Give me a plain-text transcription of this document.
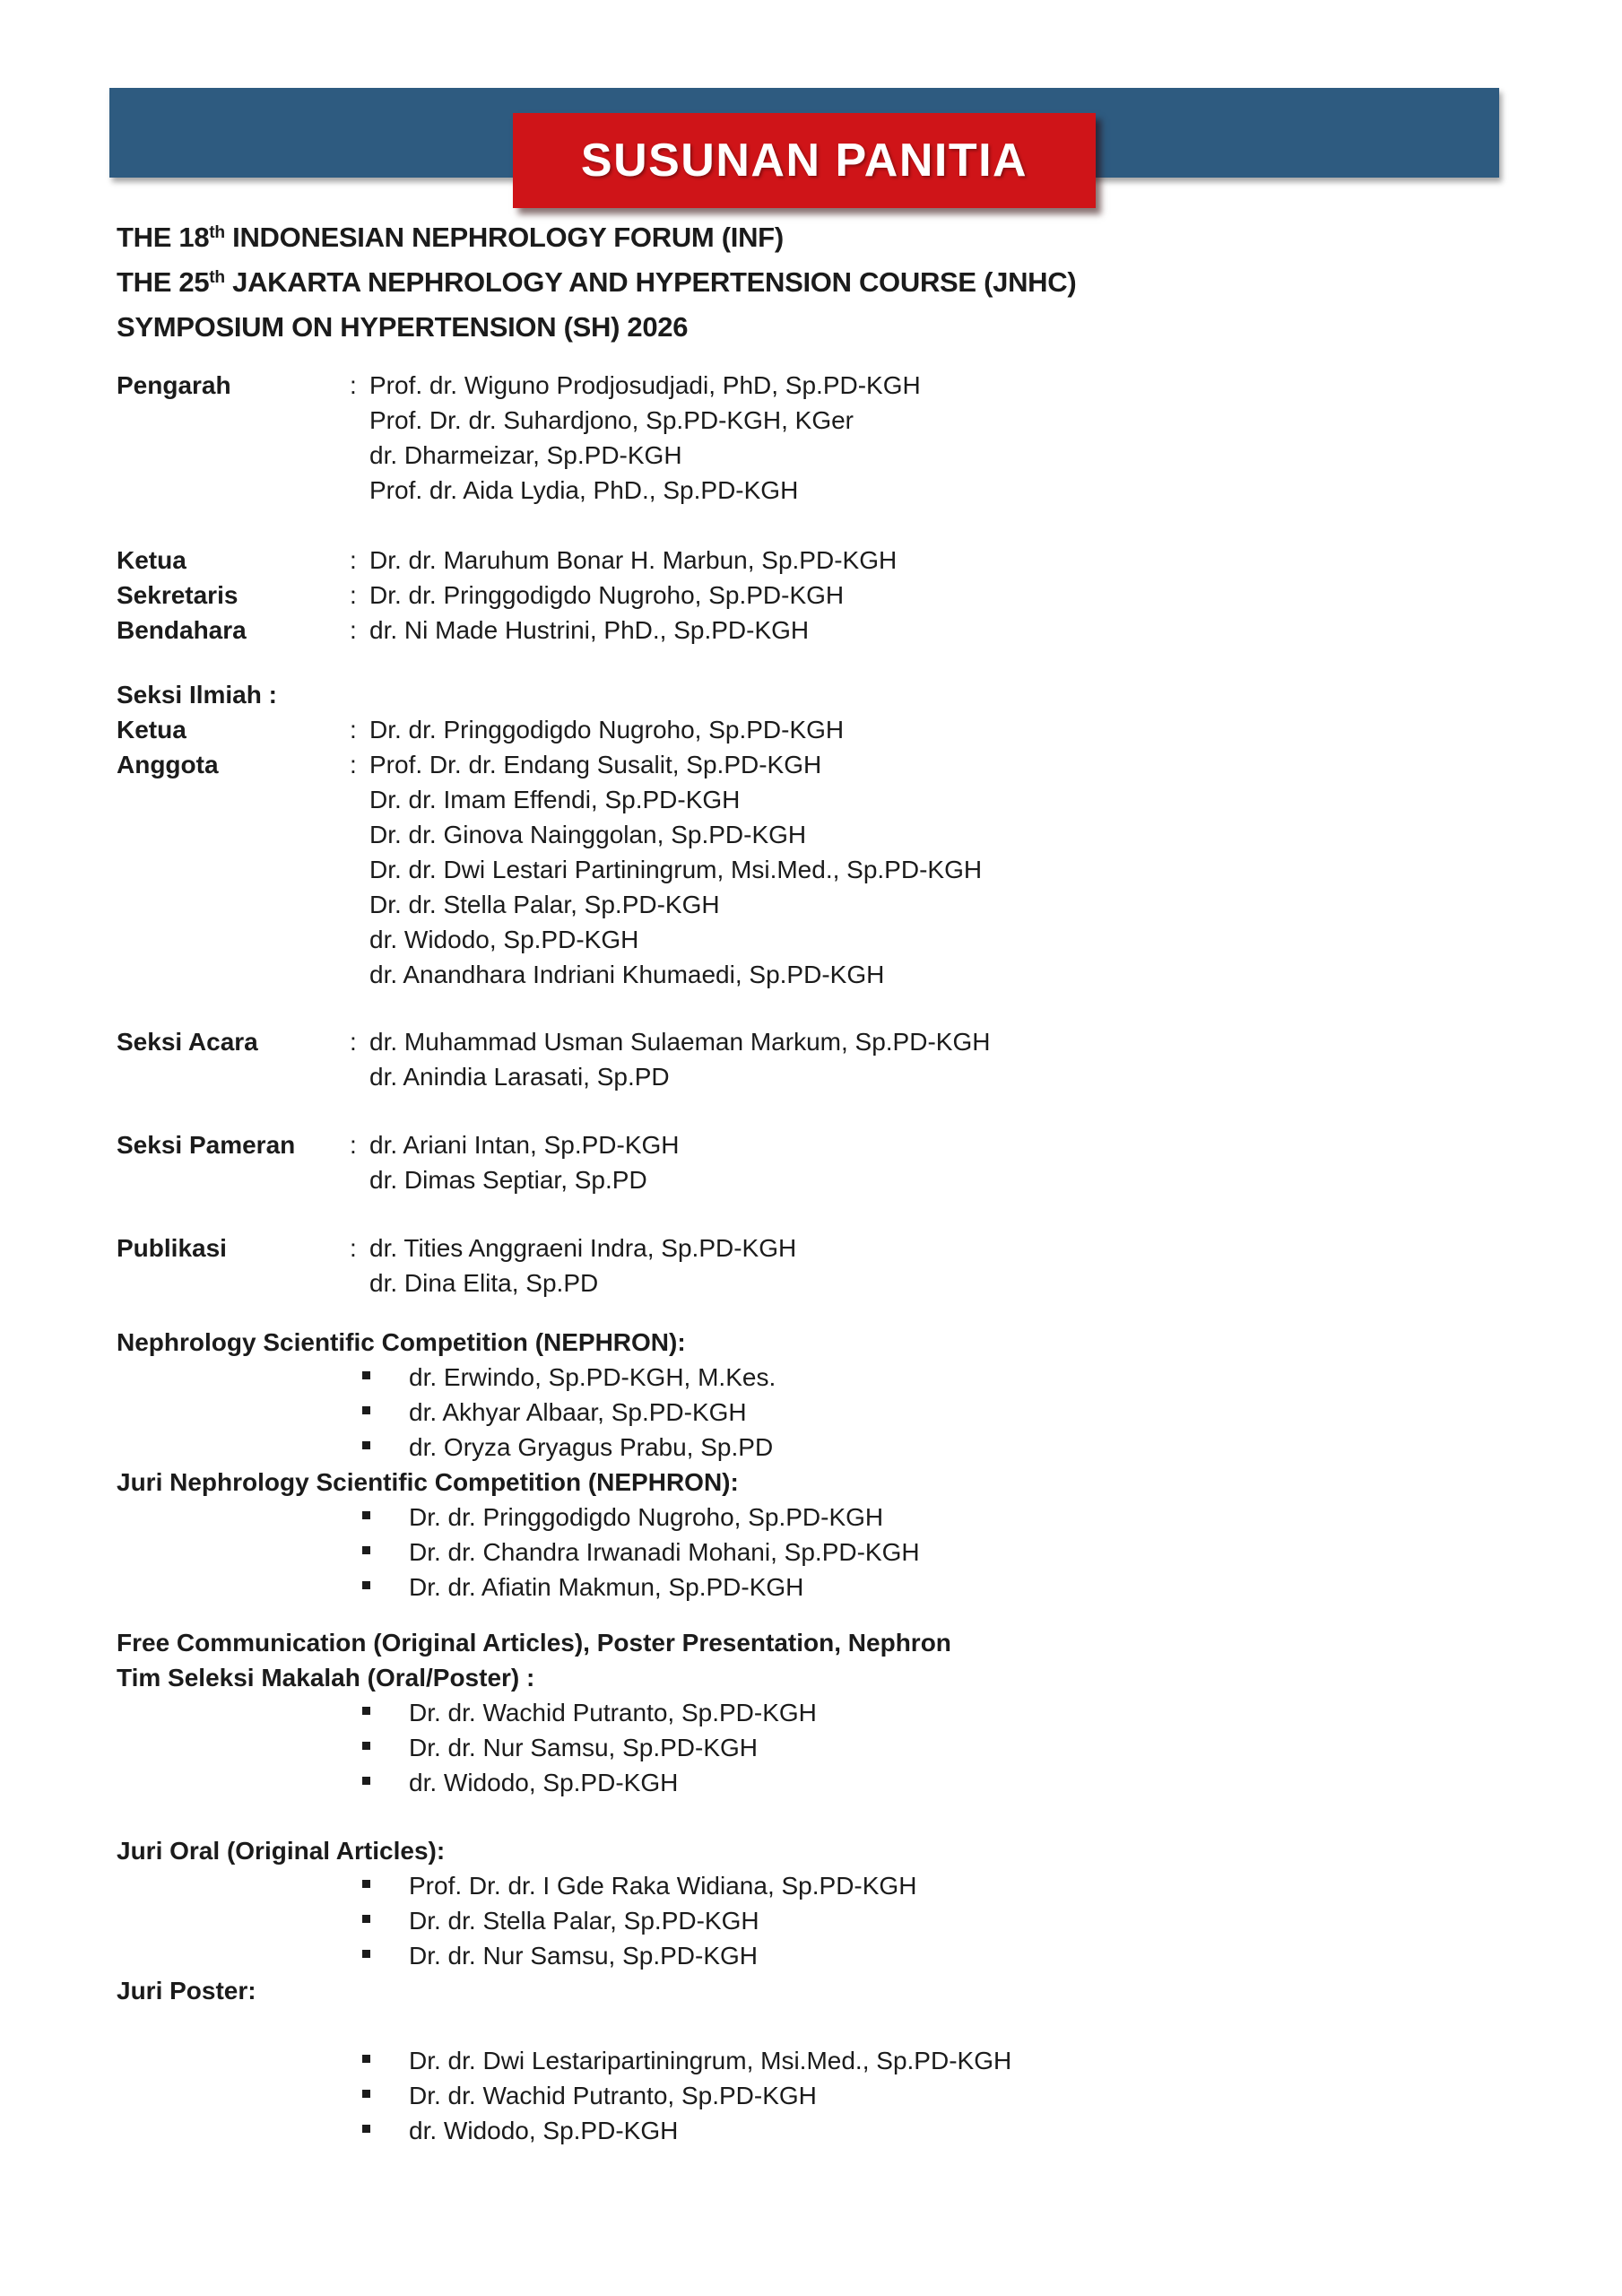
SUSUNAN PANITIA
THE 18th INDONESIAN NEPHROLOGY FORUM (INF)
THE 25th JAKARTA NEPHROLOGY AND HYPERTENSION COURSE (JNHC)
SYMPOSIUM ON HYPERTENSION (SH) 2026
Pengarah	: Prof. dr. Wiguno Prodjosudjadi, PhD, Sp.PD-KGH
Prof. Dr. dr. Suhardjono, Sp.PD-KGH, KGer
dr. Dharmeizar, Sp.PD-KGH
Prof. dr. Aida Lydia, PhD., Sp.PD-KGH
Ketua	: Dr. dr. Maruhum Bonar H. Marbun, Sp.PD-KGH
Sekretaris	: Dr. dr. Pringgodigdo Nugroho, Sp.PD-KGH
Bendahara	: dr. Ni Made Hustrini, PhD., Sp.PD-KGH
Seksi Ilmiah :
Ketua	: Dr. dr. Pringgodigdo Nugroho, Sp.PD-KGH
Anggota	: Prof. Dr. dr. Endang Susalit, Sp.PD-KGH
Dr. dr. Imam Effendi, Sp.PD-KGH
Dr. dr. Ginova Nainggolan, Sp.PD-KGH
Dr. dr. Dwi Lestari Partiningrum, Msi.Med., Sp.PD-KGH
Dr. dr. Stella Palar, Sp.PD-KGH
dr. Widodo, Sp.PD-KGH
dr. Anandhara Indriani Khumaedi, Sp.PD-KGH
Seksi Acara	: dr. Muhammad Usman Sulaeman Markum, Sp.PD-KGH
dr. Anindia Larasati, Sp.PD
Seksi Pameran	: dr. Ariani Intan, Sp.PD-KGH
dr. Dimas Septiar, Sp.PD
Publikasi	: dr. Tities Anggraeni Indra, Sp.PD-KGH
dr. Dina Elita, Sp.PD
Nephrology Scientific Competition (NEPHRON):
dr. Erwindo, Sp.PD-KGH, M.Kes.
dr. Akhyar Albaar, Sp.PD-KGH
dr. Oryza Gryagus Prabu, Sp.PD
Juri Nephrology Scientific Competition (NEPHRON):
Dr. dr. Pringgodigdo Nugroho, Sp.PD-KGH
Dr. dr. Chandra Irwanadi Mohani, Sp.PD-KGH
Dr. dr. Afiatin Makmun, Sp.PD-KGH
Free Communication (Original Articles), Poster Presentation, Nephron
Tim Seleksi Makalah (Oral/Poster) :
Dr. dr. Wachid Putranto, Sp.PD-KGH
Dr. dr. Nur Samsu, Sp.PD-KGH
dr. Widodo, Sp.PD-KGH
Juri Oral (Original Articles):
Prof. Dr. dr. I Gde Raka Widiana, Sp.PD-KGH
Dr. dr. Stella Palar, Sp.PD-KGH
Dr. dr. Nur Samsu, Sp.PD-KGH
Juri Poster:
Dr. dr. Dwi Lestaripartiningrum, Msi.Med., Sp.PD-KGH
Dr. dr. Wachid Putranto, Sp.PD-KGH
dr. Widodo, Sp.PD-KGH
